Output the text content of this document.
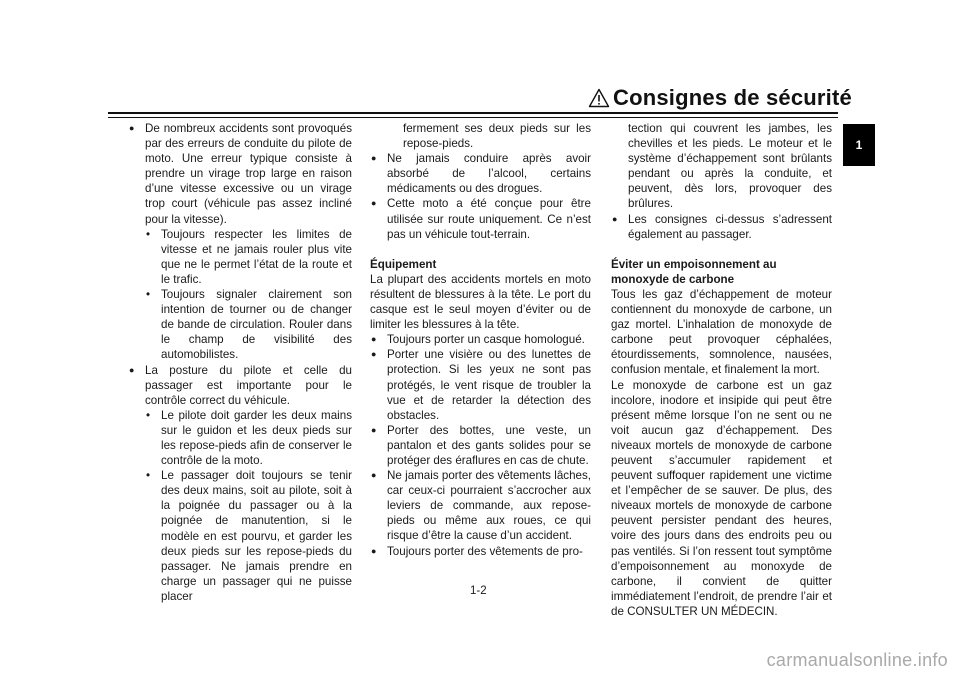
Consignes de sécurité
1
● De nombreux accidents sont provoqués par des erreurs de conduite du pilote de moto. Une erreur typique consiste à prendre un virage trop large en raison d’une vitesse excessive ou un virage trop court (véhicule pas assez incliné pour la vitesse).
• Toujours respecter les limites de vitesse et ne jamais rouler plus vite que ne le permet l’état de la route et le trafic.
• Toujours signaler clairement son intention de tourner ou de changer de bande de circulation. Rouler dans le champ de visibilité des automobilistes.
● La posture du pilote et celle du passager est importante pour le contrôle correct du véhicule.
• Le pilote doit garder les deux mains sur le guidon et les deux pieds sur les repose-pieds afin de conserver le contrôle de la moto.
• Le passager doit toujours se tenir des deux mains, soit au pilote, soit à la poignée du passager ou à la poignée de manutention, si le modèle en est pourvu, et garder les deux pieds sur les repose-pieds du passager. Ne jamais prendre en charge un passager qui ne puisse placer
fermement ses deux pieds sur les repose-pieds.
● Ne jamais conduire après avoir absorbé de l’alcool, certains médicaments ou des drogues.
● Cette moto a été conçue pour être utilisée sur route uniquement. Ce n’est pas un véhicule tout-terrain.
Équipement
La plupart des accidents mortels en moto résultent de blessures à la tête. Le port du casque est le seul moyen d’éviter ou de limiter les blessures à la tête.
● Toujours porter un casque homologué.
● Porter une visière ou des lunettes de protection. Si les yeux ne sont pas protégés, le vent risque de troubler la vue et de retarder la détection des obstacles.
● Porter des bottes, une veste, un pantalon et des gants solides pour se protéger des éraflures en cas de chute.
● Ne jamais porter des vêtements lâches, car ceux-ci pourraient s’accrocher aux leviers de commande, aux repose-pieds ou même aux roues, ce qui risque d’être la cause d’un accident.
● Toujours porter des vêtements de pro-
tection qui couvrent les jambes, les chevilles et les pieds. Le moteur et le système d’échappement sont brûlants pendant ou après la conduite, et peuvent, dès lors, provoquer des brûlures.
● Les consignes ci-dessus s’adressent également au passager.
Éviter un empoisonnement au monoxyde de carbone
Tous les gaz d’échappement de moteur contiennent du monoxyde de carbone, un gaz mortel. L’inhalation de monoxyde de carbone peut provoquer céphalées, étourdissements, somnolence, nausées, confusion mentale, et finalement la mort.
Le monoxyde de carbone est un gaz incolore, inodore et insipide qui peut être présent même lorsque l’on ne sent ou ne voit aucun gaz d’échappement. Des niveaux mortels de monoxyde de carbone peuvent s’accumuler rapidement et peuvent suffoquer rapidement une victime et l’empêcher de se sauver. De plus, des niveaux mortels de monoxyde de carbone peuvent persister pendant des heures, voire des jours dans des endroits peu ou pas ventilés. Si l’on ressent tout symptôme d’empoisonnement au monoxyde de carbone, il convient de quitter immédiatement l’endroit, de prendre l’air et de CONSULTER UN MÉDECIN.
1-2
carmanualsonline.info
